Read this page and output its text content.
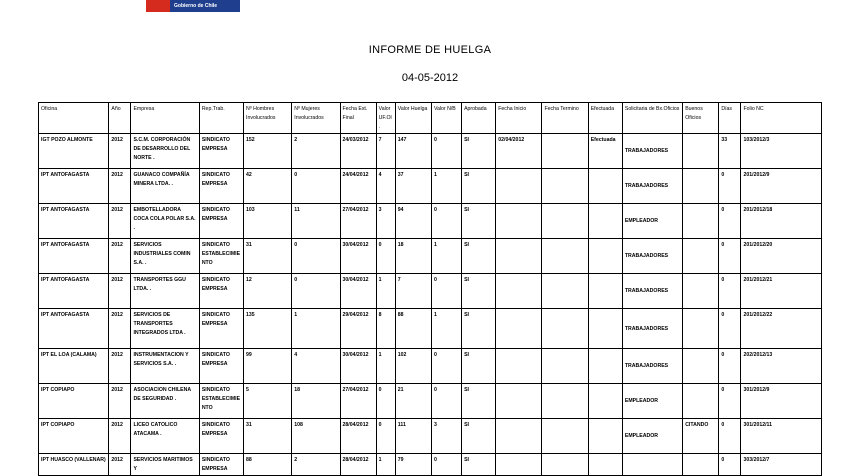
Gobierno de Chile
INFORME DE HUELGA
04-05-2012
Oficina	Año	Empresa	Rep.Trab.	Nº Hombres Involucrados	Nº Mujeres Involucrados	Fecha Ext. Final	Valor UF.Ol.	Valor Huelga	Valor N/B	Aprobada	Fecha Inicio	Fecha Termino	Efectuada	Solicitaria de Bx.Oficios	Buenos Oficios	Días	Folio NC
IGT POZO ALMONTE	2012	S.C.M. CORPORACIÓN DE DESARROLLO DEL NORTE .	SINDICATO EMPRESA	152	2	24/03/2012	7	147	0	SI	02/04/2012		Efectuada	TRABAJADORES		33	103/2012/3
IPT ANTOFAGASTA	2012	GUANACO COMPAÑÍA MINERA LTDA. .	SINDICATO EMPRESA	42	0	24/04/2012	4	37	1	SI				TRABAJADORES		0	201/2012/9
IPT ANTOFAGASTA	2012	EMBOTELLADORA COCA COLA POLAR S.A. .	SINDICATO EMPRESA	103	11	27/04/2012	3	94	0	SI				EMPLEADOR		0	201/2012/18
IPT ANTOFAGASTA	2012	SERVICIOS INDUSTRIALES COMIN S.A. .	SINDICATO ESTABLECIMIENTO	31	0	30/04/2012	0	18	1	SI				TRABAJADORES		0	201/2012/20
IPT ANTOFAGASTA	2012	TRANSPORTES GGU LTDA. .	SINDICATO EMPRESA	12	0	30/04/2012	1	7	0	SI				TRABAJADORES		0	201/2012/21
IPT ANTOFAGASTA	2012	SERVICIOS DE TRANSPORTES INTEGRADOS LTDA .	SINDICATO EMPRESA	135	1	29/04/2012	8	88	1	SI				TRABAJADORES		0	201/2012/22
IPT EL LOA (CALAMA)	2012	INSTRUMENTACION Y SERVICIOS S.A. .	SINDICATO EMPRESA	99	4	30/04/2012	1	102	0	SI				TRABAJADORES		0	202/2012/13
IPT COPIAPO	2012	ASOCIACION CHILENA DE SEGURIDAD .	SINDICATO ESTABLECIMIENTO	5	18	27/04/2012	0	21	0	SI				EMPLEADOR		0	301/2012/9
IPT COPIAPO	2012	LICEO CATOLICO ATACAMA .	SINDICATO EMPRESA	31	108	28/04/2012	0	111	3	SI				EMPLEADOR	CITANDO	0	301/2012/11
IPT HUASCO (VALLENAR)	2012	SERVICIOS MARITIMOS Y	SINDICATO EMPRESA	88	2	28/04/2012	1	79	0	SI						0	303/2012/7
